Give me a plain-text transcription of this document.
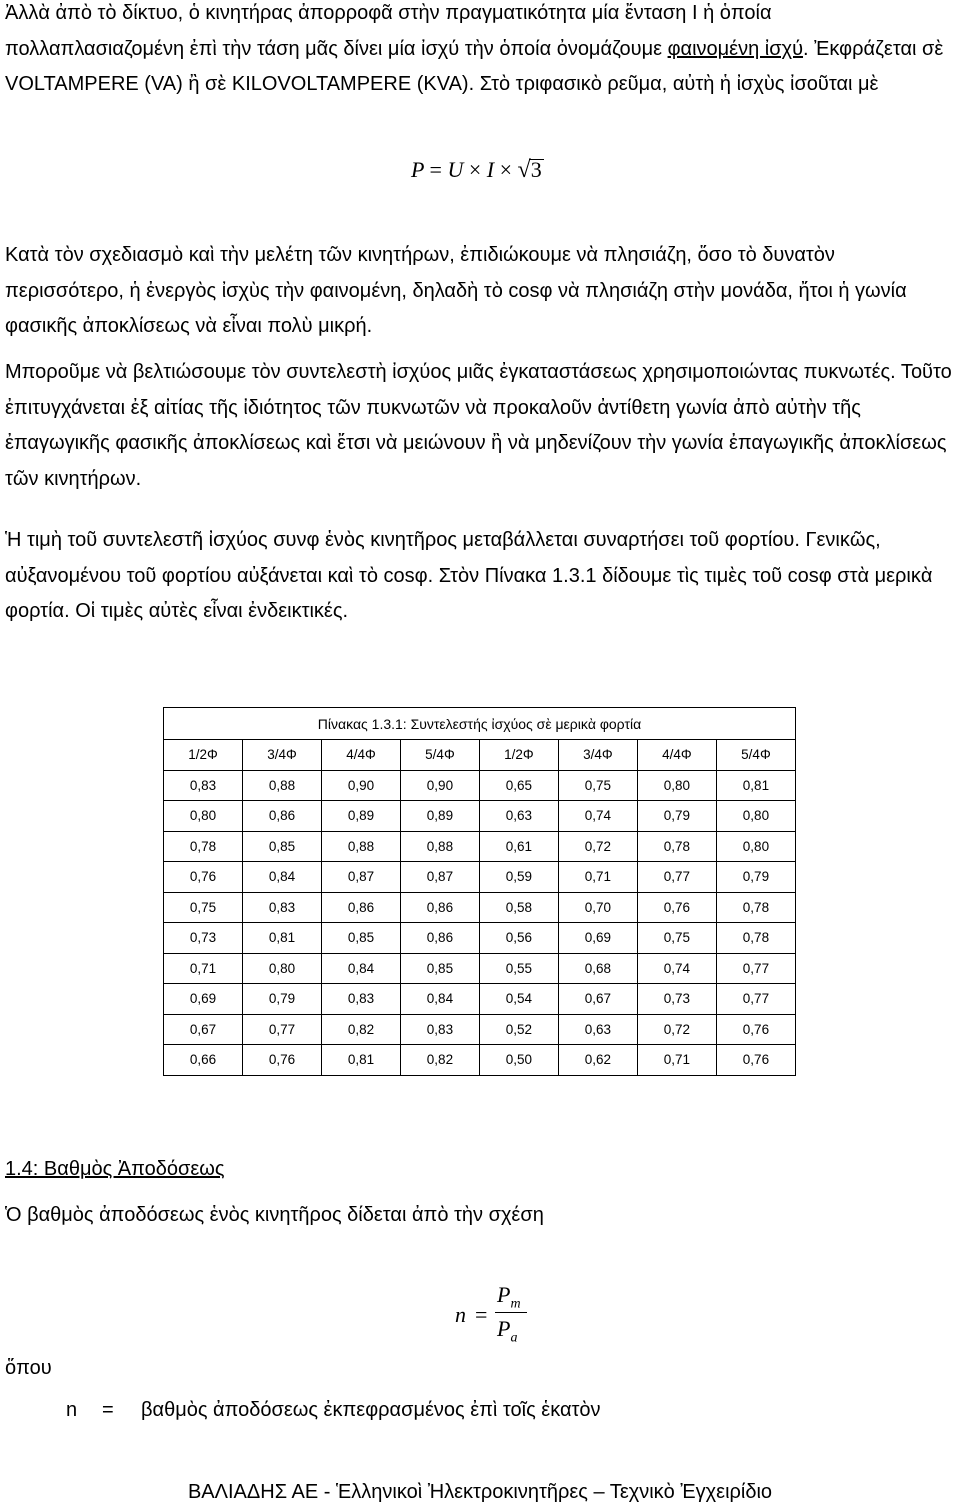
Ἀλλὰ ἀπὸ τὸ δίκτυο, ὁ κινητήρας ἀπορροφᾶ στὴν πραγματικότητα μία ἔνταση I ἡ ὁποία πολλαπλασιαζομένη ἐπὶ τὴν τάση μᾶς δίνει μία ἰσχύ τὴν ὁποία ὀνομάζουμε φαινομένη ἰσχύ. Ἐκφράζεται σὲ VOLTAMPERE (VA) ἢ σὲ KILOVOLTAMPERE (KVA). Στὸ τριφασικὸ ρεῦμα, αὐτὴ ἡ ἰσχὺς ἰσοῦται μὲ

P = U × I × √3

Κατὰ τὸν σχεδιασμὸ καὶ τὴν μελέτη τῶν κινητήρων, ἐπιδιώκουμε νὰ πλησιάζη, ὅσο τὸ δυνατὸν περισσότερο, ἡ ἐνεργὸς ἰσχὺς τὴν φαινομένη, δηλαδὴ τὸ cosφ νὰ πλησιάζη στὴν μονάδα, ἤτοι ἡ γωνία φασικῆς ἀποκλίσεως νὰ εἶναι πολὺ μικρή.

Μποροῦμε νὰ βελτιώσουμε τὸν συντελεστὴ ἰσχύος μιᾶς ἐγκαταστάσεως χρησιμοποιώντας πυκνωτές. Τοῦτο ἐπιτυγχάνεται ἐξ αἰτίας τῆς ἰδιότητος τῶν πυκνωτῶν νὰ προκαλοῦν ἀντίθετη γωνία ἀπὸ αὐτὴν τῆς ἐπαγωγικῆς φασικῆς ἀποκλίσεως καὶ ἔτσι νὰ μειώνουν ἢ νὰ μηδενίζουν τὴν γωνία ἐπαγωγικῆς ἀποκλίσεως τῶν κινητήρων.

Ἡ τιμὴ τοῦ συντελεστῆ ἰσχύος συνφ ἑνὸς κινητῆρος μεταβάλλεται συναρτήσει τοῦ φορτίου. Γενικῶς, αὐξανομένου τοῦ φορτίου αὐξάνεται καὶ τὸ cosφ. Στὸν Πίνακα 1.3.1 δίδουμε τὶς τιμὲς τοῦ cosφ στὰ μερικὰ φορτία. Οἱ τιμὲς αὐτὲς εἶναι ἐνδεικτικές.

Πίνακας 1.3.1: Συντελεστής ἰσχύος σὲ μερικὰ φορτία							
1/2Φ	3/4Φ	4/4Φ	5/4Φ	1/2Φ	3/4Φ	4/4Φ	5/4Φ
0,83	0,88	0,90	0,90	0,65	0,75	0,80	0,81
0,80	0,86	0,89	0,89	0,63	0,74	0,79	0,80
0,78	0,85	0,88	0,88	0,61	0,72	0,78	0,80
0,76	0,84	0,87	0,87	0,59	0,71	0,77	0,79
0,75	0,83	0,86	0,86	0,58	0,70	0,76	0,78
0,73	0,81	0,85	0,86	0,56	0,69	0,75	0,78
0,71	0,80	0,84	0,85	0,55	0,68	0,74	0,77
0,69	0,79	0,83	0,84	0,54	0,67	0,73	0,77
0,67	0,77	0,82	0,83	0,52	0,63	0,72	0,76
0,66	0,76	0,81	0,82	0,50	0,62	0,71	0,76
1.4: Βαθμὸς Ἀποδόσεως

Ὁ βαθμὸς ἀποδόσεως ἑνὸς κινητῆρος δίδεται ἀπὸ τὴν σχέση

n =
$P_m$
$P_a$

ὅπου

n = βαθμὸς ἀποδόσεως ἐκπεφρασμένος ἐπὶ τοῖς ἑκατὸν
ΒΑΛΙΑΔΗΣ ΑΕ - Ἑλληνικοὶ Ἠλεκτροκινητῆρες – Τεχνικὸ Ἐγχειρίδιο
